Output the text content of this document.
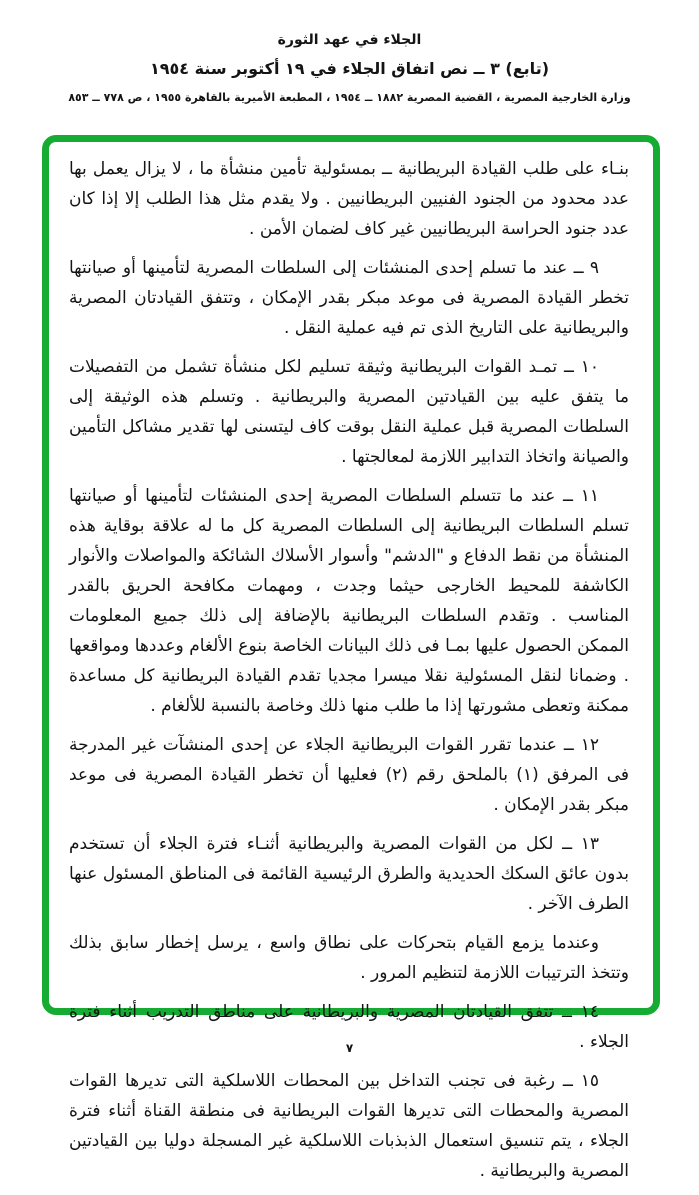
الجلاء في عهد الثورة
(تابع) ٣ ــ نص اتفاق الجلاء في ١٩ أكتوبر سنة ١٩٥٤
وزارة الخارجية المصرية ، القضية المصرية ١٨٨٢ ــ ١٩٥٤ ، المطبعة الأميرية بالقاهرة ١٩٥٥ ، ص ٧٧٨ ــ ٨٥٣

بنـاء على طلب القيادة البريطانية ــ بمسئولية تأمين منشأة ما ، لا يزال يعمل بها عدد محدود من الجنود الفنيين البريطانيين . ولا يقدم مثل هذا الطلب إلا إذا كان عدد جنود الحراسة البريطانيين غير كاف لضمان الأمن .

٩ ــ عند ما تسلم إحدى المنشئات إلى السلطات المصرية لتأمينها أو صيانتها تخطر القيادة المصرية فى موعد مبكر بقدر الإمكان ، وتتفق القيادتان المصرية والبريطانية على التاريخ الذى تم فيه عملية النقل .

١٠ ــ تمـد القوات البريطانية وثيقة تسليم لكل منشأة تشمل من التفصيلات ما يتفق عليه بين القيادتين المصرية والبريطانية . وتسلم هذه الوثيقة إلى السلطات المصرية قبل عملية النقل بوقت كاف ليتسنى لها تقدير مشاكل التأمين والصيانة واتخاذ التدابير اللازمة لمعالجتها .

١١ ــ عند ما تتسلم السلطات المصرية إحدى المنشئات لتأمينها أو صيانتها تسلم السلطات البريطانية إلى السلطات المصرية كل ما له علاقة بوقاية هذه المنشأة من نقط الدفاع و "الدشم" وأسوار الأسلاك الشائكة والمواصلات والأنوار الكاشفة للمحيط الخارجى حيثما وجدت ، ومهمات مكافحة الحريق بالقدر المناسب . وتقدم السلطات البريطانية بالإضافة إلى ذلك جميع المعلومات الممكن الحصول عليها بمـا فى ذلك البيانات الخاصة بنوع الألغام وعددها ومواقعها . وضمانا لنقل المسئولية نقلا ميسرا مجديا تقدم القيادة البريطانية كل مساعدة ممكنة وتعطى مشورتها إذا ما طلب منها ذلك وخاصة بالنسبة للألغام .

١٢ ــ عندما تقرر القوات البريطانية الجلاء عن إحدى المنشآت غير المدرجة فى المرفق (١) بالملحق رقم (٢) فعليها أن تخطر القيادة المصرية فى موعد مبكر بقدر الإمكان .

١٣ ــ لكل من القوات المصرية والبريطانية أثنـاء فترة الجلاء أن تستخدم بدون عائق السكك الحديدية والطرق الرئيسية القائمة فى المناطق المسئول عنها الطرف الآخر .

وعندما يزمع القيام بتحركات على نطاق واسع ، يرسل إخطار سابق بذلك وتتخذ الترتيبات اللازمة لتنظيم المرور .

١٤ ــ تتفق القيادتان المصرية والبريطانية على مناطق التدريب أثناء فترة الجلاء .

١٥ ــ رغبة فى تجنب التداخل بين المحطات اللاسلكية التى تديرها القوات المصرية والمحطات التى تديرها القوات البريطانية فى منطقة القناة أثناء فترة الجلاء ، يتم تنسيق استعمال الذبذبات اللاسلكية غير المسجلة دوليا بين القيادتين المصرية والبريطانية .

٧
